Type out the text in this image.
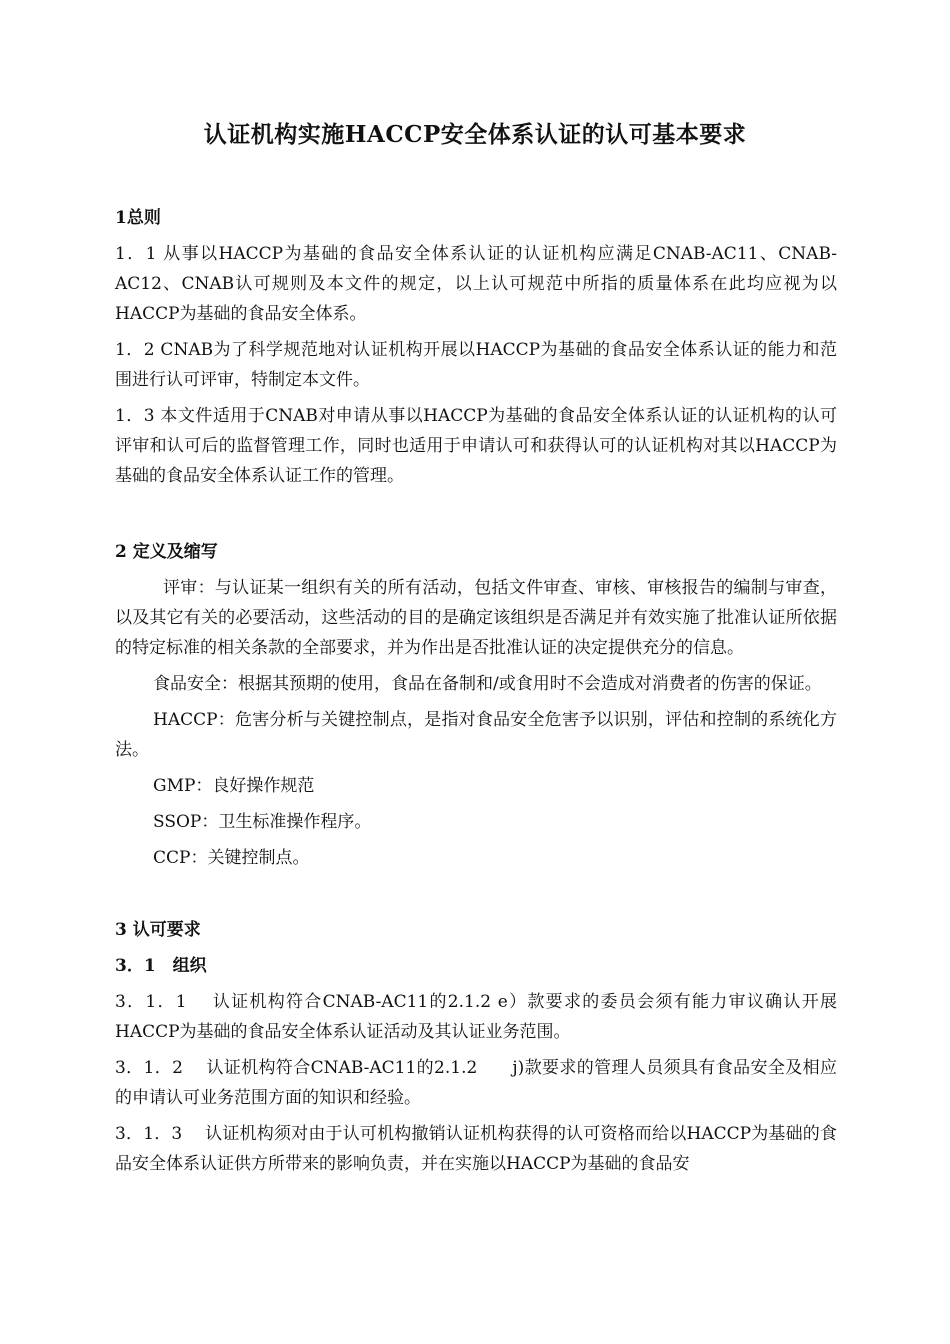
认证机构实施HACCP安全体系认证的认可基本要求
1总则

1．1 从事以HACCP为基础的食品安全体系认证的认证机构应满足CNAB-AC11、CNAB-AC12、CNAB认可规则及本文件的规定，以上认可规范中所指的质量体系在此均应视为以HACCP为基础的食品安全体系。

1．2 CNAB为了科学规范地对认证机构开展以HACCP为基础的食品安全体系认证的能力和范围进行认可评审，特制定本文件。

1．3 本文件适用于CNAB对申请从事以HACCP为基础的食品安全体系认证的认证机构的认可评审和认可后的监督管理工作，同时也适用于申请认可和获得认可的认证机构对其以HACCP为基础的食品安全体系认证工作的管理。

2 定义及缩写

评审：与认证某一组织有关的所有活动，包括文件审查、审核、审核报告的编制与审查，以及其它有关的必要活动，这些活动的目的是确定该组织是否满足并有效实施了批准认证所依据的特定标准的相关条款的全部要求，并为作出是否批准认证的决定提供充分的信息。

食品安全：根据其预期的使用，食品在备制和/或食用时不会造成对消费者的伤害的保证。

HACCP：危害分析与关键控制点，是指对食品安全危害予以识别，评估和控制的系统化方法。

GMP：良好操作规范

SSOP：卫生标准操作程序。

CCP：关键控制点。

3 认可要求
3．1　组织

3．1．1　 认证机构符合CNAB-AC11的2.1.2 e）款要求的委员会须有能力审议确认开展HACCP为基础的食品安全体系认证活动及其认证业务范围。

3．1．2　 认证机构符合CNAB-AC11的2.1.2　　j)款要求的管理人员须具有食品安全及相应的申请认可业务范围方面的知识和经验。

3．1．3　 认证机构须对由于认可机构撤销认证机构获得的认可资格而给以HACCP为基础的食品安全体系认证供方所带来的影响负责，并在实施以HACCP为基础的食品安
